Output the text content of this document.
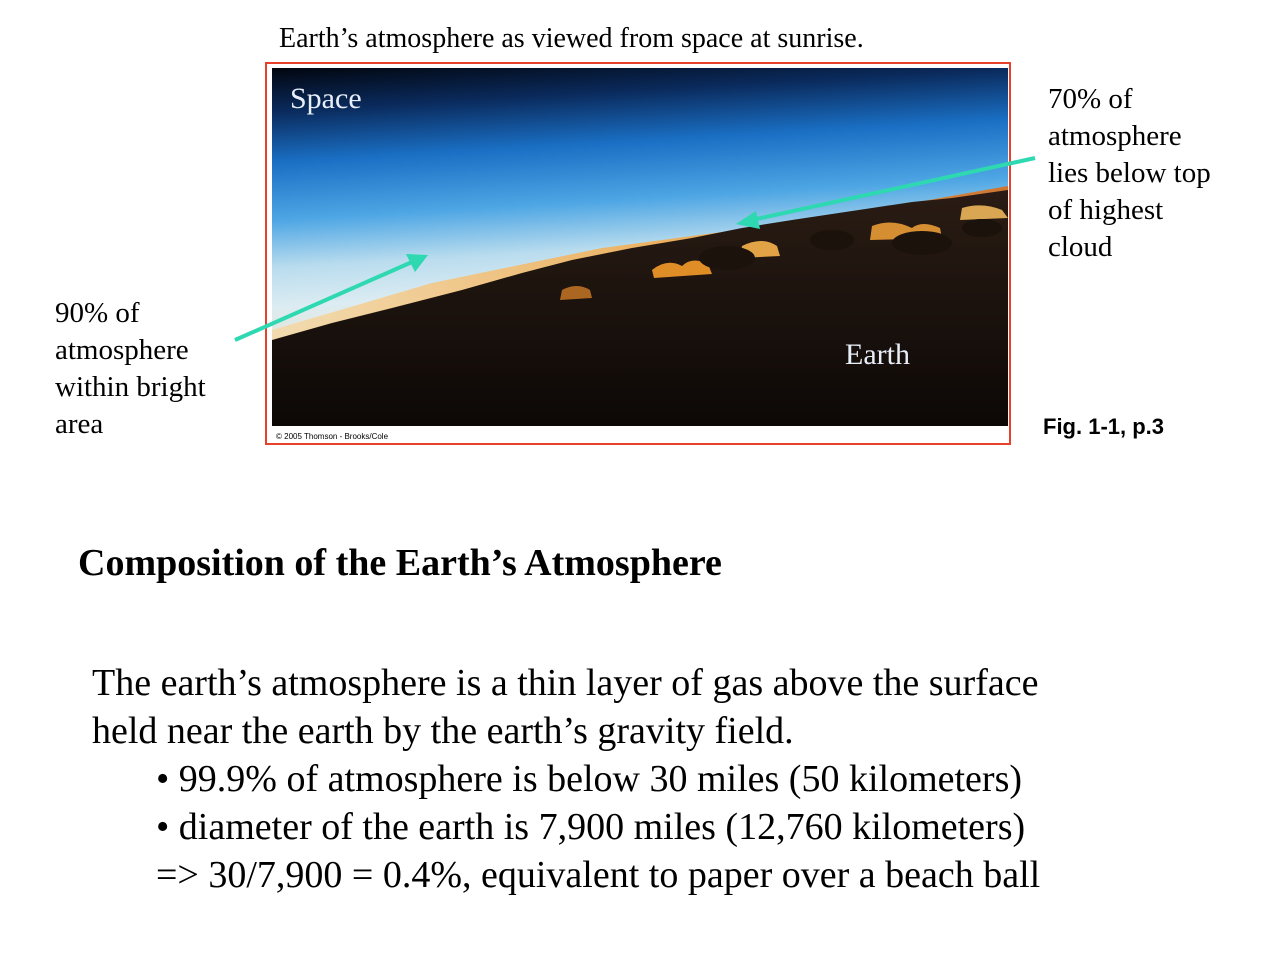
Earth’s atmosphere as viewed from space at sunrise.
© 2005 Thomson - Brooks/Cole
Space
Earth
70% of
atmosphere
lies below top
of highest
cloud
90% of
atmosphere
within bright
area	Fig. 1-1, p.3
Composition of the Earth’s Atmosphere
The earth’s atmosphere is a thin layer of gas above the surface
held near the earth by the earth’s gravity field.
• 99.9% of atmosphere is below 30 miles (50 kilometers)
• diameter of the earth is 7,900 miles (12,760 kilometers)
=> 30/7,900 = 0.4%, equivalent to paper over a beach ball
